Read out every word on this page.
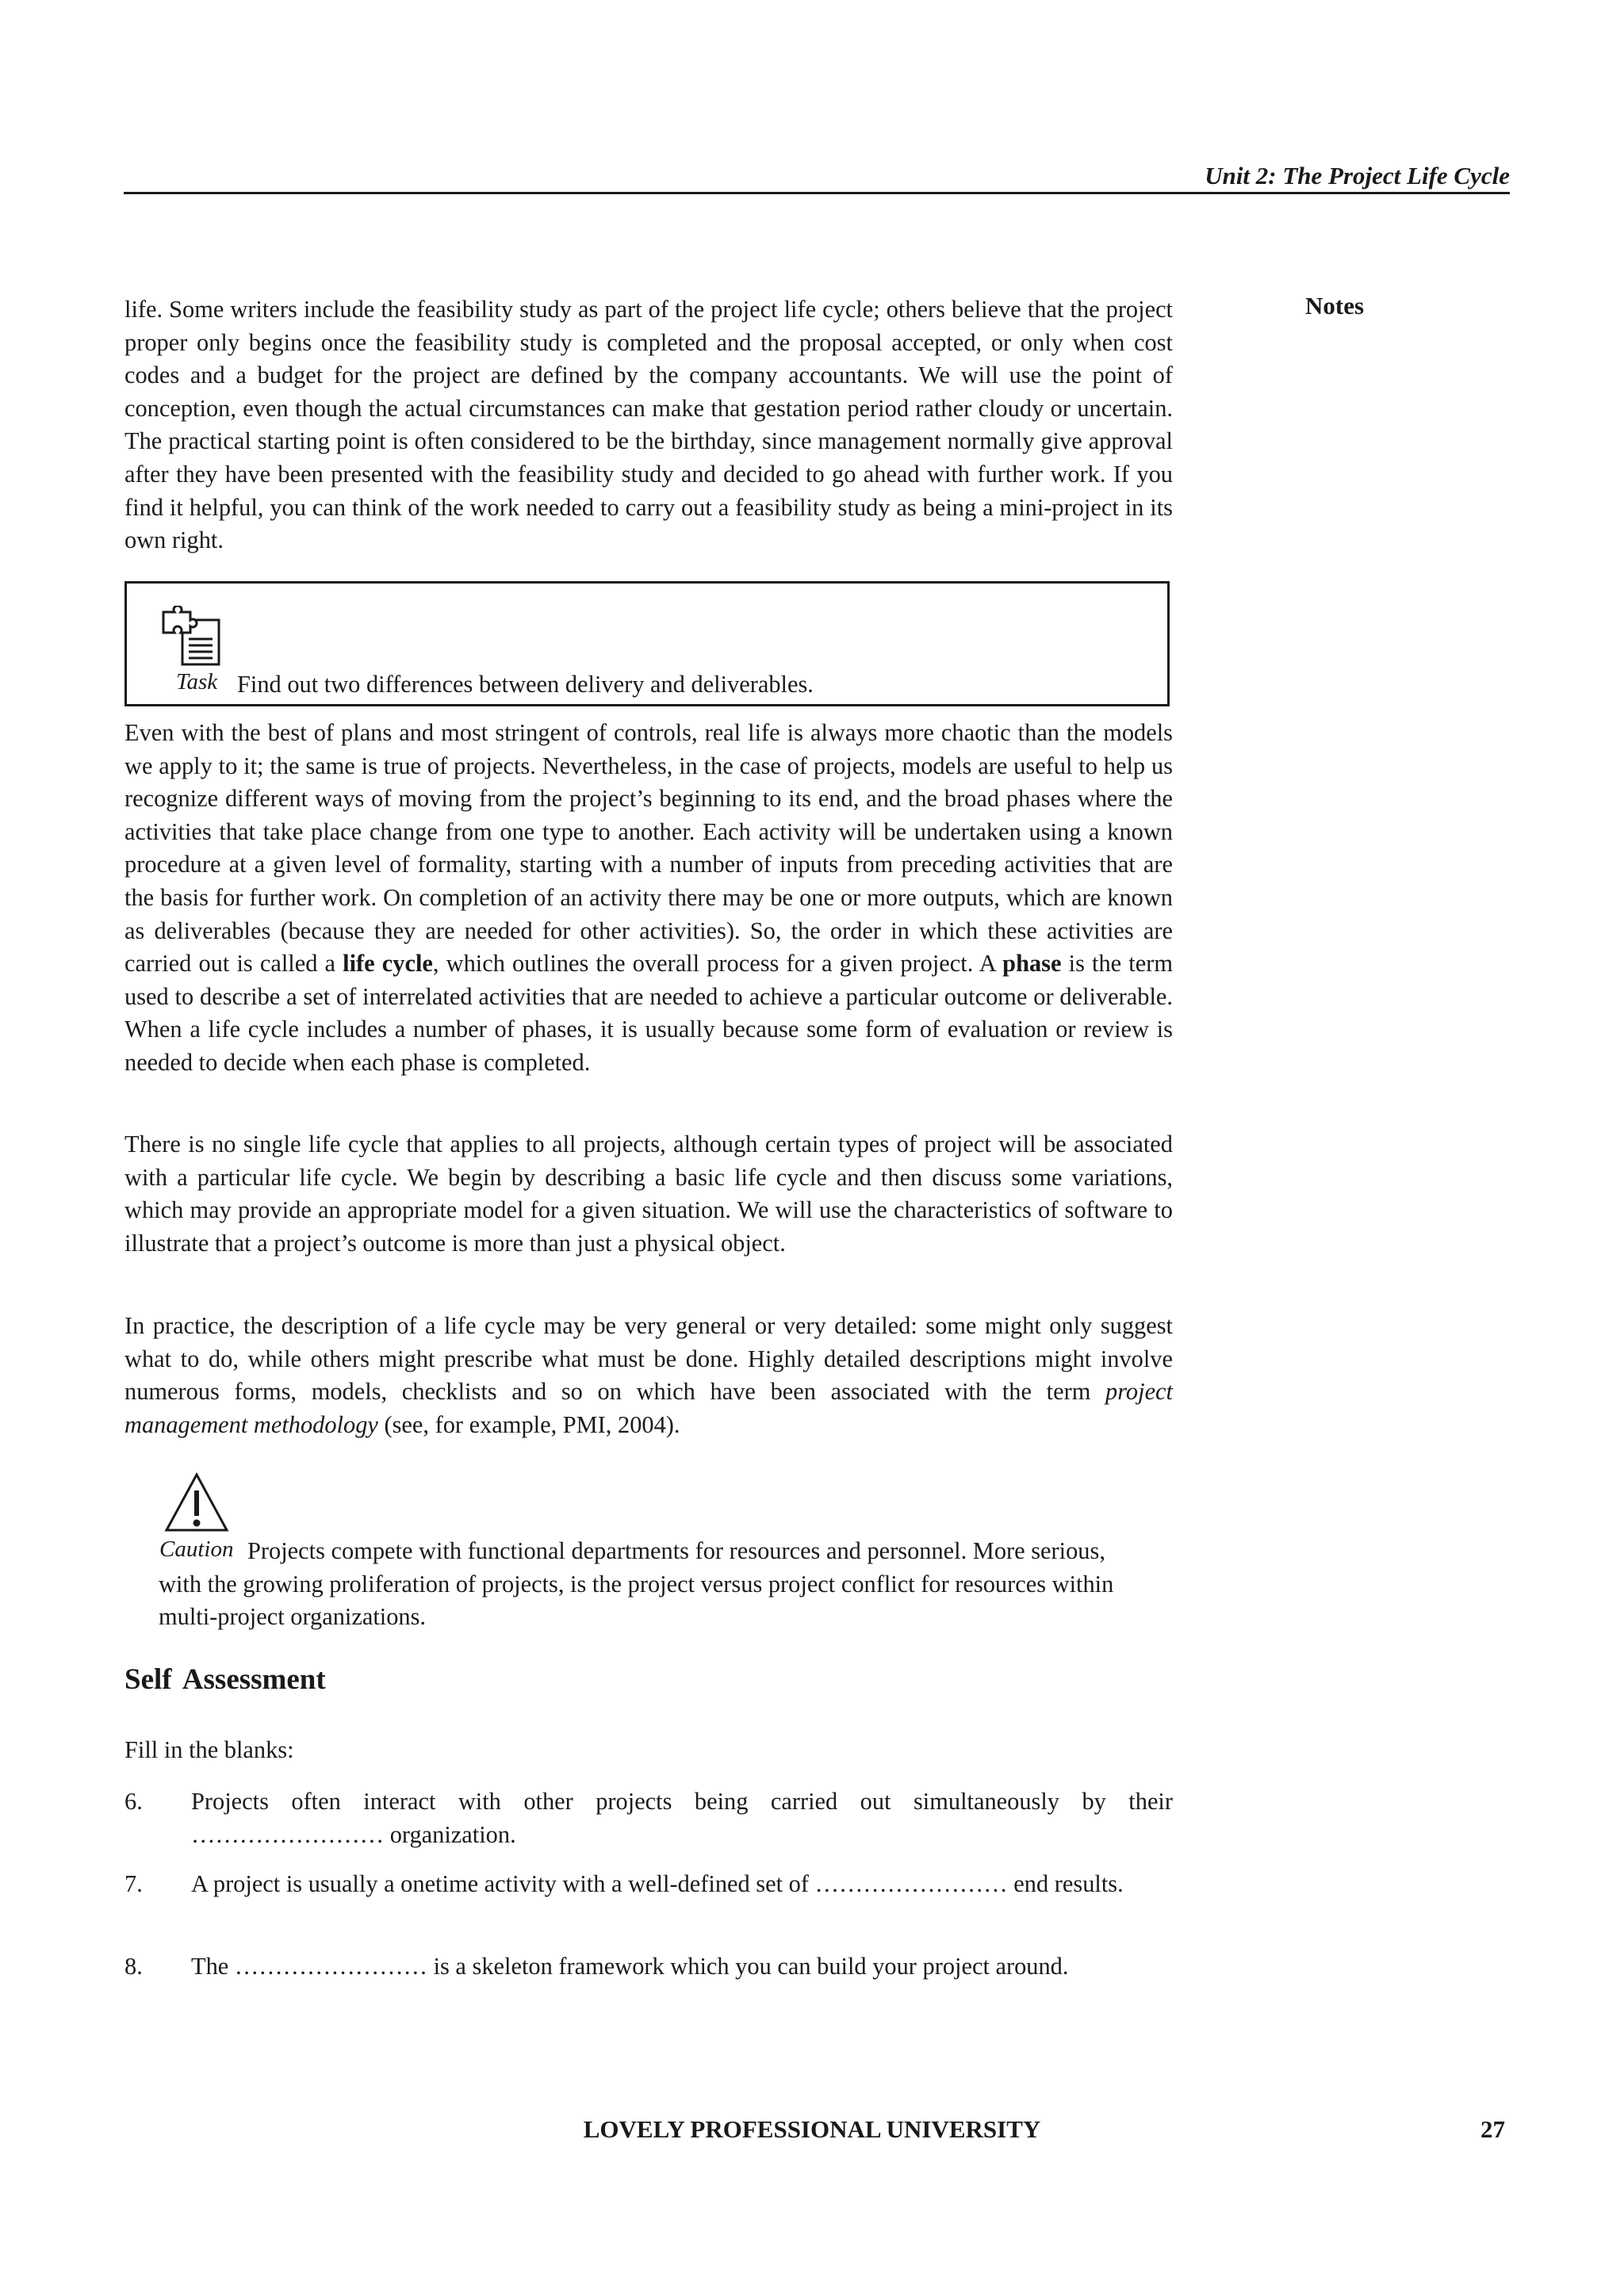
Unit 2: The Project Life Cycle
Notes

life. Some writers include the feasibility study as part of the project life cycle; others believe that the project proper only begins once the feasibility study is completed and the proposal accepted, or only when cost codes and a budget for the project are defined by the company accountants. We will use the point of conception, even though the actual circumstances can make that gestation period rather cloudy or uncertain. The practical starting point is often considered to be the birthday, since management normally give approval after they have been presented with the feasibility study and decided to go ahead with further work. If you find it helpful, you can think of the work needed to carry out a feasibility study as being a mini-project in its own right.

Task Find out two differences between delivery and deliverables.

Even with the best of plans and most stringent of controls, real life is always more chaotic than the models we apply to it; the same is true of projects. Nevertheless, in the case of projects, models are useful to help us recognize different ways of moving from the project’s beginning to its end, and the broad phases where the activities that take place change from one type to another. Each activity will be undertaken using a known procedure at a given level of formality, starting with a number of inputs from preceding activities that are the basis for further work. On completion of an activity there may be one or more outputs, which are known as deliverables (because they are needed for other activities). So, the order in which these activities are carried out is called a life cycle, which outlines the overall process for a given project. A phase is the term used to describe a set of interrelated activities that are needed to achieve a particular outcome or deliverable. When a life cycle includes a number of phases, it is usually because some form of evaluation or review is needed to decide when each phase is completed.

There is no single life cycle that applies to all projects, although certain types of project will be associated with a particular life cycle. We begin by describing a basic life cycle and then discuss some variations, which may provide an appropriate model for a given situation. We will use the characteristics of software to illustrate that a project’s outcome is more than just a physical object.

In practice, the description of a life cycle may be very general or very detailed: some might only suggest what to do, while others might prescribe what must be done. Highly detailed descriptions might involve numerous forms, models, checklists and so on which have been associated with the term project management methodology (see, for example, PMI, 2004).

Caution Projects compete with functional departments for resources and personnel. More serious, with the growing proliferation of projects, is the project versus project conflict for resources within multi-project organizations.
Self Assessment
Fill in the blanks:
6. Projects often interact with other projects being carried out simultaneously by their …………………… organization.
7. A project is usually a onetime activity with a well-defined set of …………………… end results.
8. The …………………… is a skeleton framework which you can build your project around.
LOVELY PROFESSIONAL UNIVERSITY	27
